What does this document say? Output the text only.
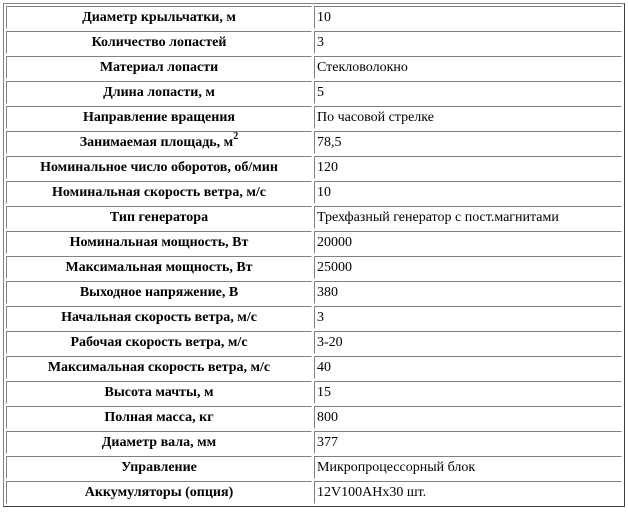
Диаметр крыльчатки, м	10
Количество лопастей	3
Материал лопасти	Стекловолокно
Длина лопасти, м	5
Направление вращения	По часовой стрелке
Занимаемая площадь, $м^2$	78,5
Номинальное число оборотов, об/мин	120
Номинальная скорость ветра, м/с	10
Тип генератора	Трехфазный генератор с пост.магнитами
Номинальная мощность, Вт	20000
Максимальная мощность, Вт	25000
Выходное напряжение, В	380
Начальная скорость ветра, м/с	3
Рабочая скорость ветра, м/с	3-20
Максимальная скорость ветра, м/с	40
Высота мачты, м	15
Полная масса, кг	800
Диаметр вала, мм	377
Управление	Микропроцессорный блок
Аккумуляторы (опция)	12V100AHx30 шт.
